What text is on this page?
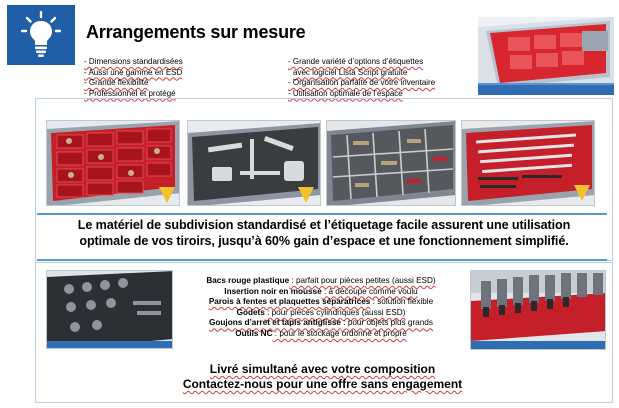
Arrangements sur mesure
- Dimensions standardisées
- Aussi une gamme en ESD
- Grande flexibilité
- Professionnel et protégé
- Grande variété d’options d’étiquettes
avec logiciel Lista Script gratuite
- Organisation parfaite de votre inventaire
- Utilisation optimale de l’espace
Le matériel de subdivision standardisé et l’étiquetage facile assurent une utilisation
optimale de vos tiroirs, jusqu’à 60% gain d’espace et une fonctionnement simplifié.
Bacs rouge plastique : parfait pour pièces petites (aussi ESD)
Insertion noir en mousse : à découpe comme voulu
Parois à fentes et plaquettes séparatrices : solution flexible
Godets : pour pièces cylindriques (aussi ESD)
Goujons d’arret et tapis antiglisse : pour objets plus grands
Outils NC : pour le stockage ordonné et propre
Livré simultané avec votre composition
Contactez-nous pour une offre sans engagement
